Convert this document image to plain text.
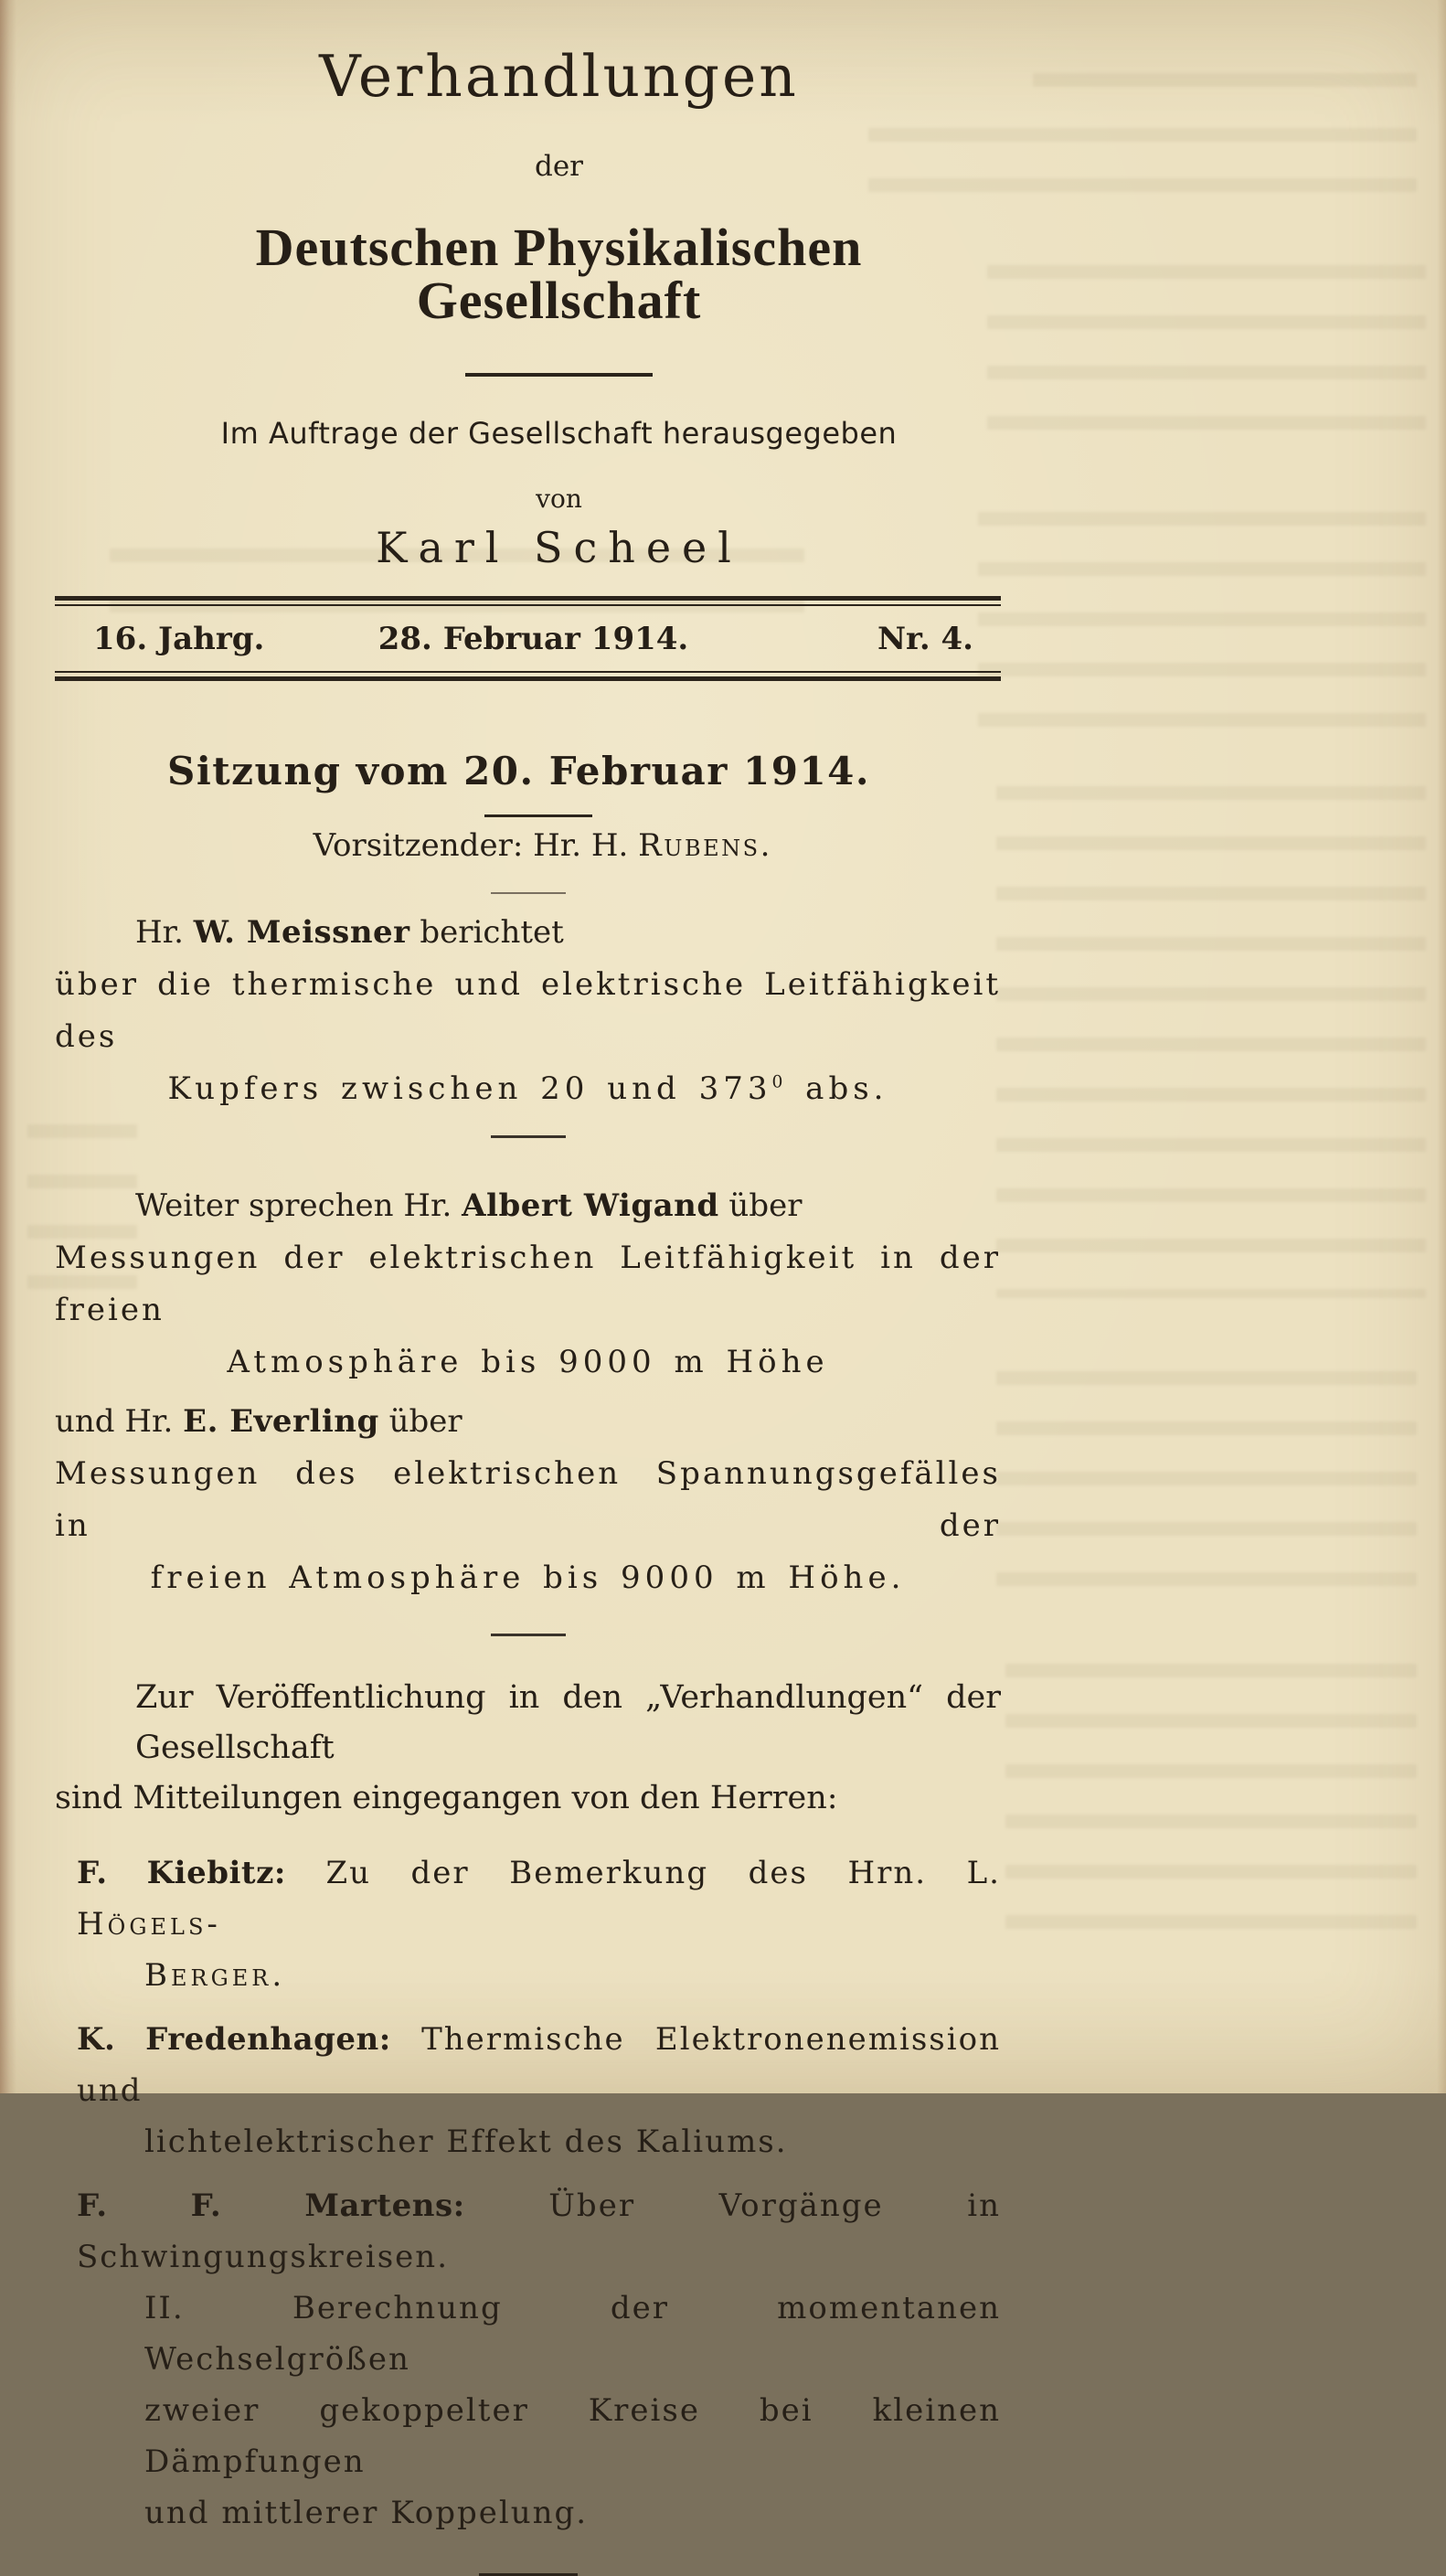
Verhandlungen
der
Deutschen Physikalischen Gesellschaft
Im Auftrage der Gesellschaft herausgegeben
von
Karl Scheel
16. Jahrg.	28. Februar 1914.	Nr. 4.
Sitzung vom 20. Februar 1914.
Vorsitzender: Hr. H. Rubens.
Hr. W. Meissner berichtet
über die thermische und elektrische Leitfähigkeit des
Kupfers zwischen 20 und $373^0$ abs.
Weiter sprechen Hr. Albert Wigand über
Messungen der elektrischen Leitfähigkeit in der freien
Atmosphäre bis 9000 m Höhe
und Hr. E. Everling über
Messungen des elektrischen Spannungsgefälles in der
freien Atmosphäre bis 9000 m Höhe.
Zur Veröffentlichung in den „Verhandlungen“ der Gesellschaft
sind Mitteilungen eingegangen von den Herren:
F. Kiebitz: Zu der Bemerkung des Hrn. L. Högels-
Berger.
K. Fredenhagen: Thermische Elektronenemission und
lichtelektrischer Effekt des Kaliums.
F. F. Martens:	Über Vorgänge in Schwingungskreisen.
II. Berechnung der momentanen Wechselgrößen
zweier gekoppelter Kreise bei kleinen Dämpfungen
und mittlerer Koppelung.
